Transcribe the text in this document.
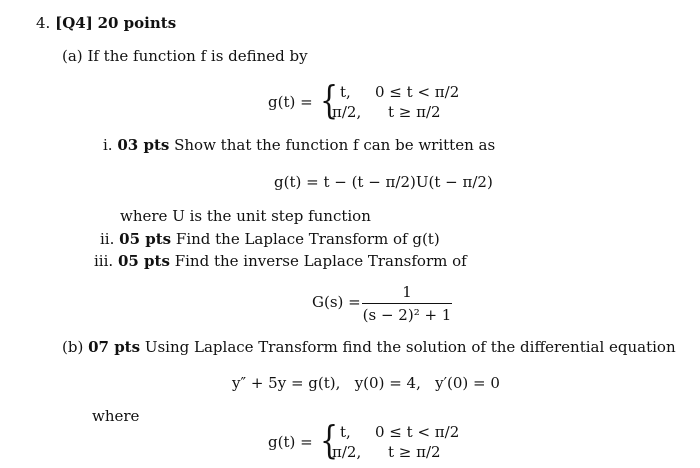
4. [Q4] 20 points
(a) If the function f is defined by
g(t) = { t, 0 ≤ t < π/2
π/2, t ≥ π/2
i. 03 pts Show that the function f can be written as
g(t) = t − (t − π/2)U(t − π/2)
where U is the unit step function
ii. 05 pts Find the Laplace Transform of g(t)
iii. 05 pts Find the inverse Laplace Transform of
G(s) =
1
(s − 2)² + 1
(b) 07 pts Using Laplace Transform find the solution of the differential equation
y″ + 5y = g(t),   y(0) = 4,   y′(0) = 0
where
g(t) = { t, 0 ≤ t < π/2
π/2, t ≥ π/2
